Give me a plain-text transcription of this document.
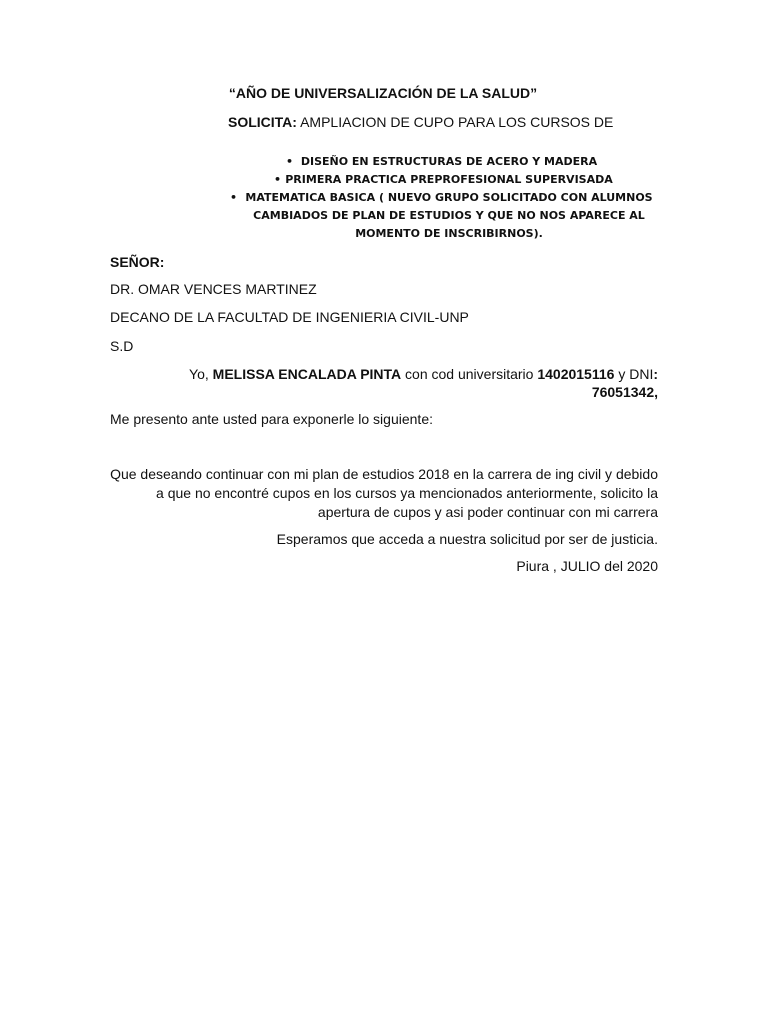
“AÑO DE UNIVERSALIZACIÓN DE LA SALUD”
SOLICITA: AMPLIACION DE CUPO PARA LOS CURSOS DE
• DISEÑO EN ESTRUCTURAS DE ACERO Y MADERA
• PRIMERA PRACTICA PREPROFESIONAL SUPERVISADA
• MATEMATICA BASICA ( NUEVO GRUPO SOLICITADO CON ALUMNOS CAMBIADOS DE PLAN DE ESTUDIOS Y QUE NO NOS APARECE AL MOMENTO DE INSCRIBIRNOS).
SEÑOR:
DR. OMAR VENCES MARTINEZ
DECANO DE LA FACULTAD DE INGENIERIA CIVIL-UNP
S.D
Yo, MELISSA ENCALADA PINTA con cod universitario 1402015116 y DNI:
76051342,
Me presento ante usted para exponerle lo siguiente:
Que deseando continuar con mi plan de estudios 2018 en la carrera de ing civil y debido a que no encontré cupos en los cursos ya mencionados anteriormente, solicito la apertura de cupos y asi poder continuar con mi carrera
Esperamos que acceda a nuestra solicitud por ser de justicia.
Piura , JULIO del 2020
